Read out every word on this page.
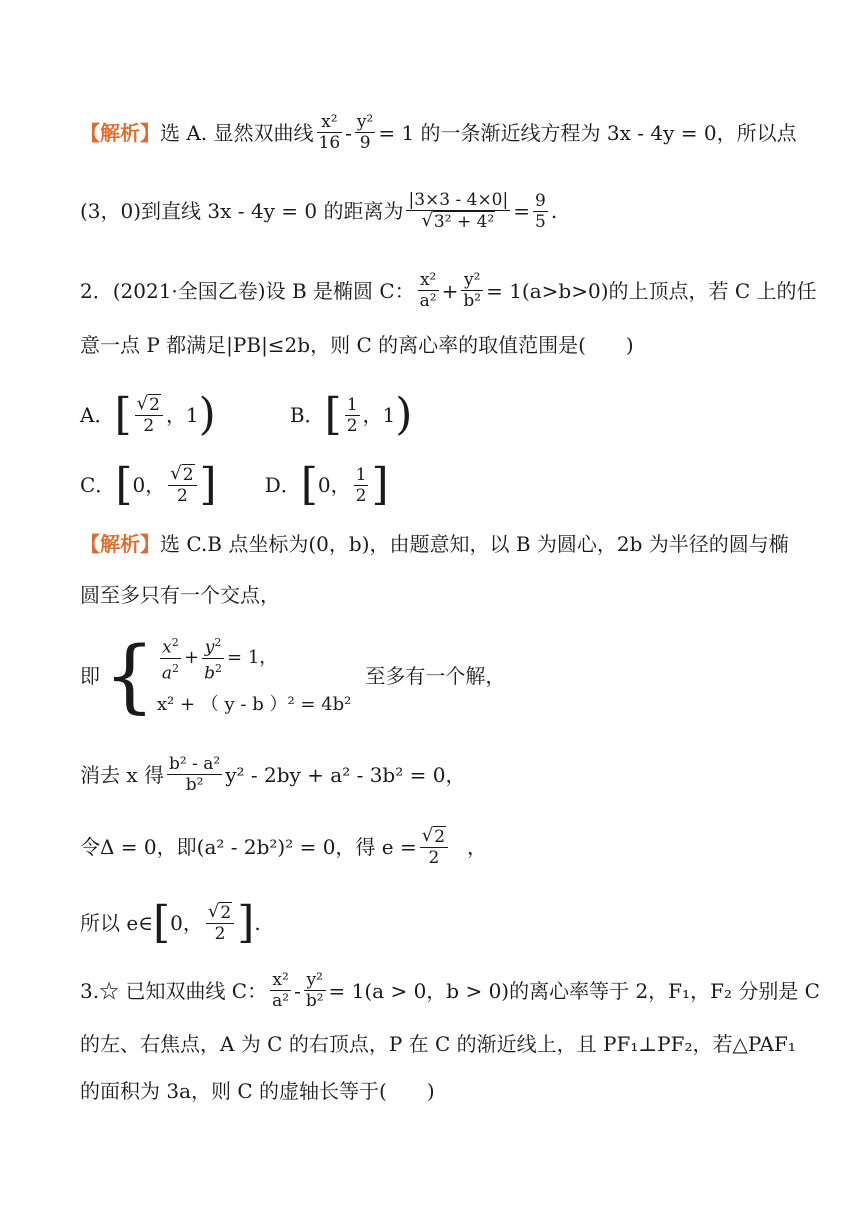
【解析】 选 A. 显然双曲线 $\frac{\text{x²}}{16} - \frac{\text{y²}}{9} = 1$ 的一条渐近线方程为 3x - 4y = 0，所以点
(3，0)到直线 3x - 4y = 0 的距离为 $\frac{|3\times 3 - 4\times 0|}{\text{√ 3² + 4²}} = \frac{9}{5}$ .
2．(2021·全国乙卷)设 B 是椭圆 C： $\frac{\text{x²}}{\text{a²}} + \frac{\text{y²}}{\text{b²}} = 1(a>b>0)$的上顶点，若 C 上的任
意一点 P 都满足|PB|≤2b，则 C 的离心率的取值范围是(　　)
A． [ $\frac{√ 2}{2}$ ，1 )	B． [ $\frac{1}{2}$ ，1 )
C． [ 0， $\frac{√ 2}{2}$ ] D． [ 0， $\frac{1}{2}$ ]
【解析】 选 C.B 点坐标为(0，b)，由题意知，以 B 为圆心，2b 为半径的圆与椭
圆至多只有一个交点，
即 { $\frac{x^2}{a^2} + \frac{y^2}{b^2} = 1$，
x² + （ y - b ）² = 4b²
至多有一个解，
消去 x 得 $\frac{\text{b² - a²}}{\text{b²}} y^2 - 2by + a^2 - 3b^2 = 0$，
令Δ = 0，即(a² - 2b²)² = 0，得 $e = \frac{√ 2}{2}$ ，
所以 e∈ [ 0， $\frac{√ 2}{2}$ ] .
3.☆ 已知双曲线 C： $\frac{\text{x²}}{\text{a²}} - \frac{\text{y²}}{\text{b²}} = 1(a > 0$，b > 0)的离心率等于 2，F₁，F₂ 分别是 C
的左、右焦点，A 为 C 的右顶点，P 在 C 的渐近线上，且 PF₁⊥PF₂，若△PAF₁
的面积为 3a，则 C 的虚轴长等于(　　)
